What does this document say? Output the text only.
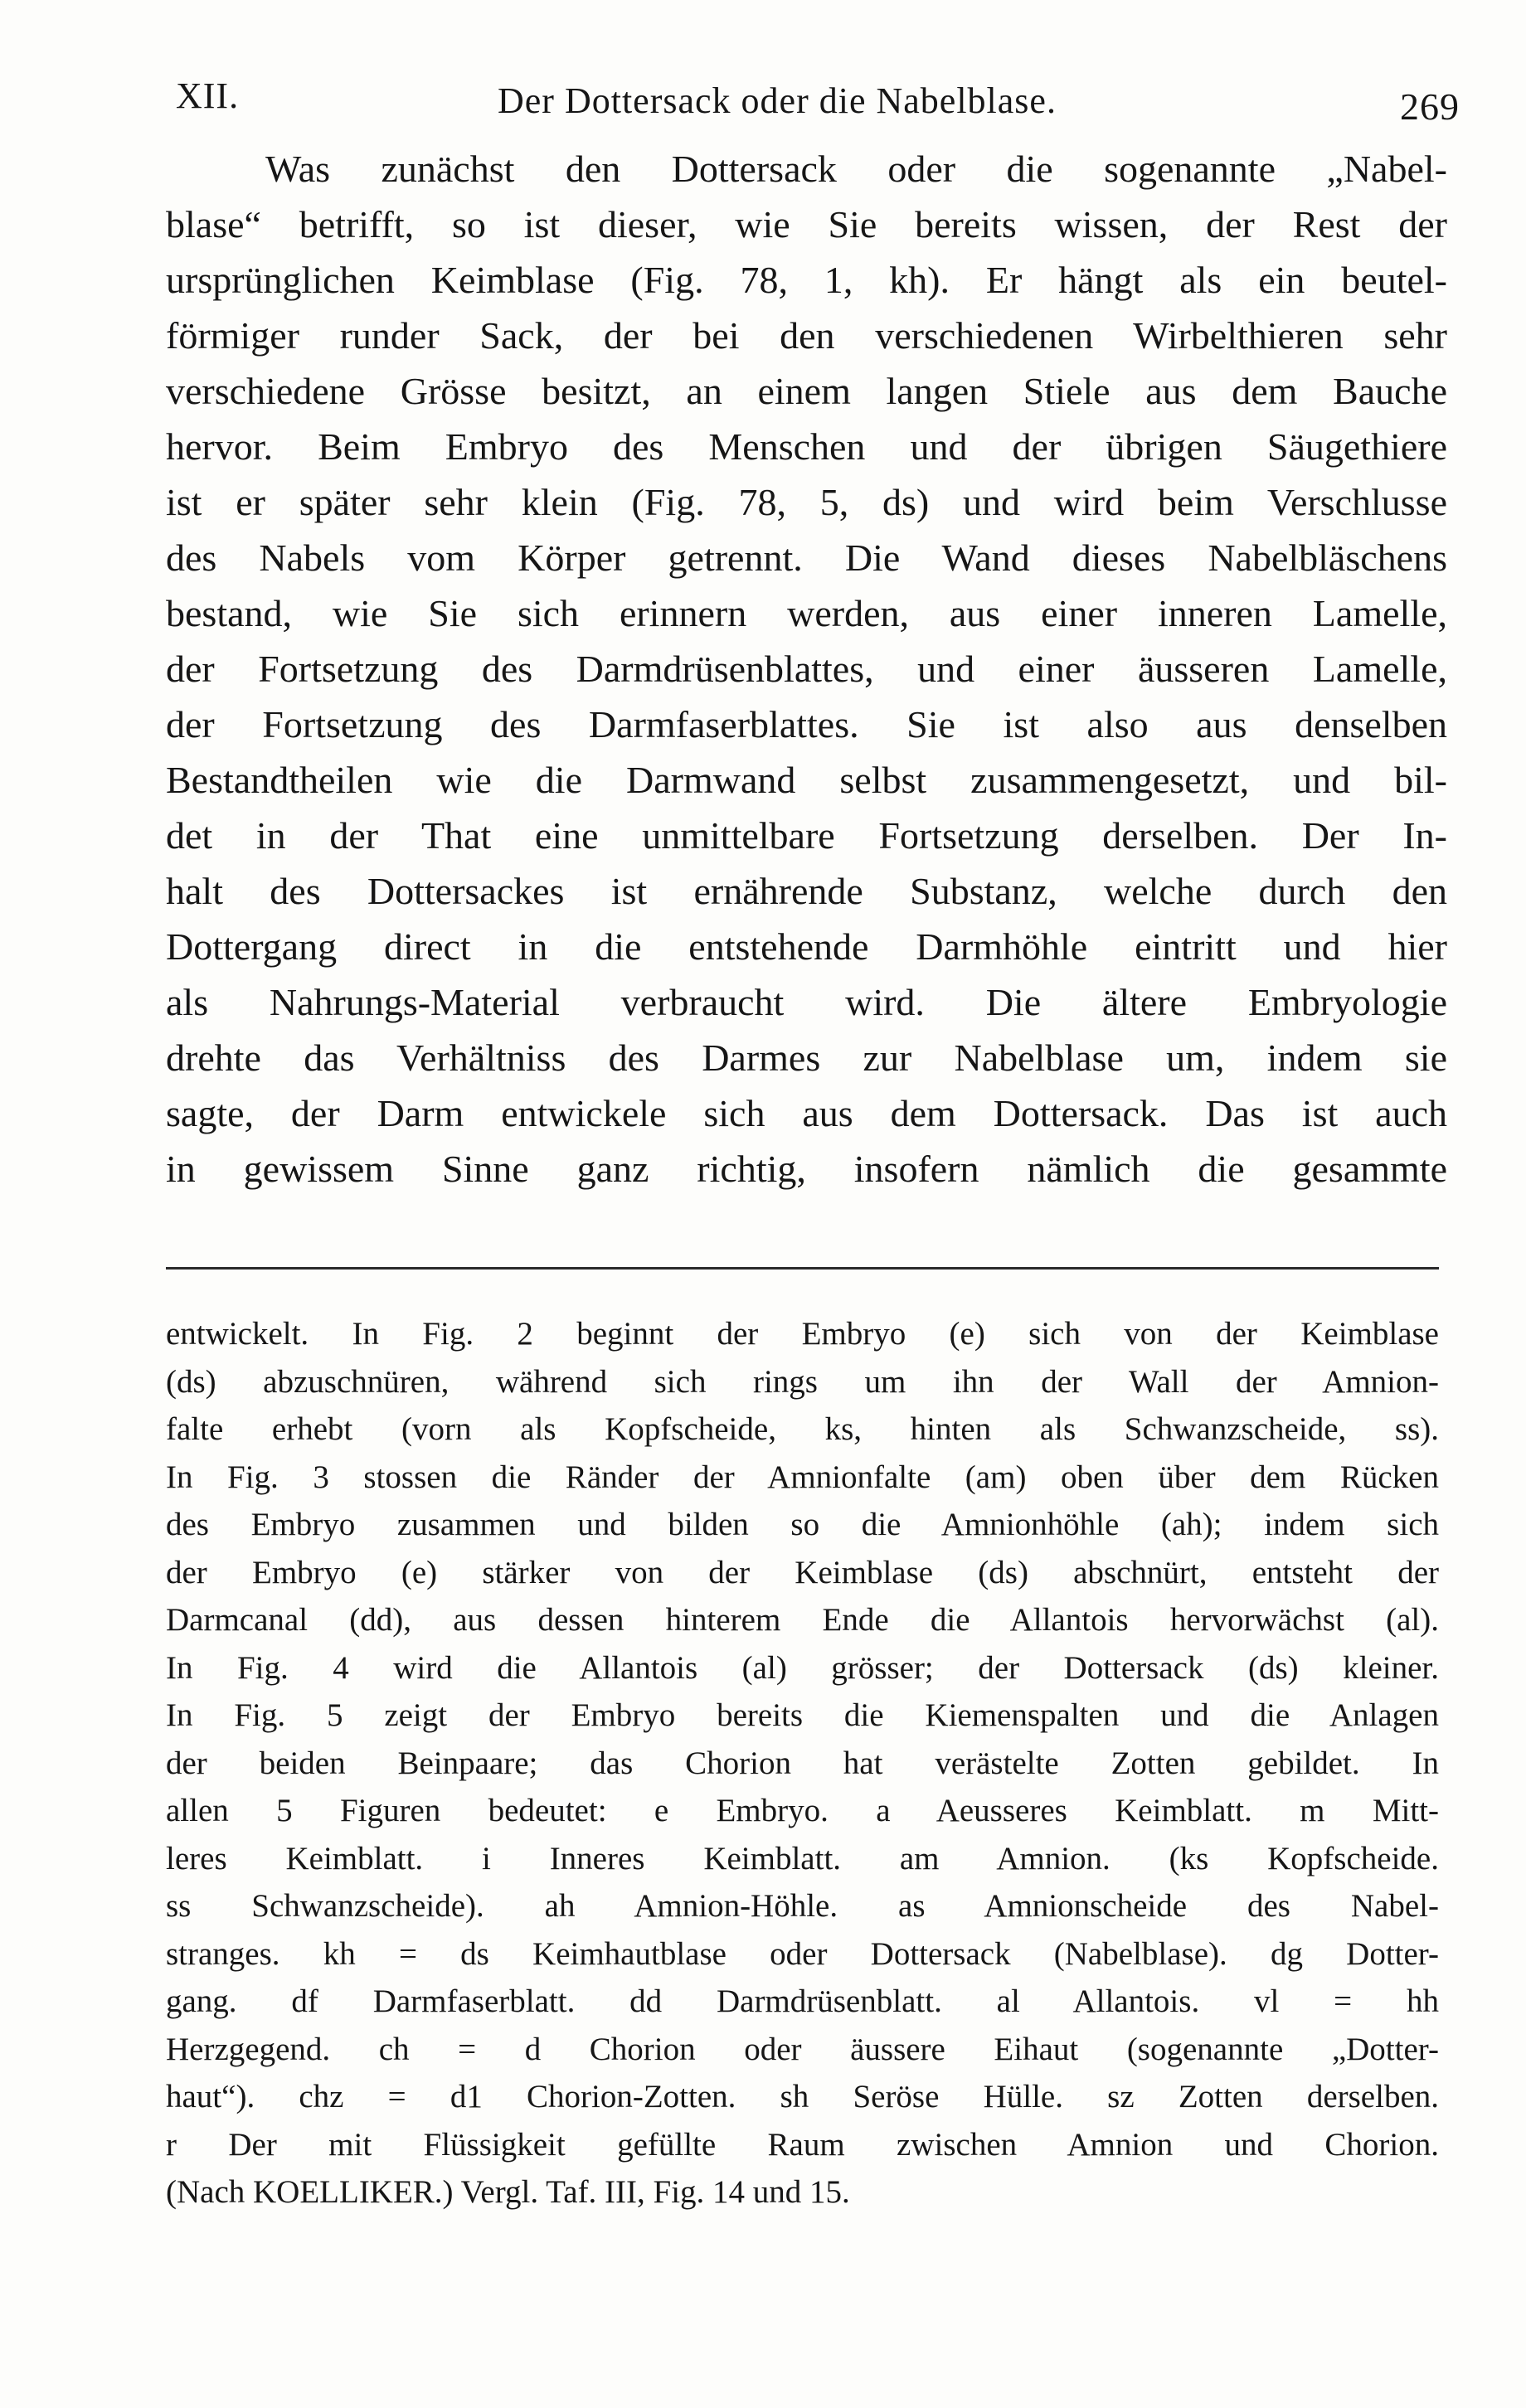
XII.	Der Dottersack oder die Nabelblase.	269
Was zunächst den Dottersack oder die sogenannte „Nabel-
blase“ betrifft, so ist dieser, wie Sie bereits wissen, der Rest der
ursprünglichen Keimblase (Fig. 78, 1, kh). Er hängt als ein beutel-
förmiger runder Sack, der bei den verschiedenen Wirbelthieren sehr
verschiedene Grösse besitzt, an einem langen Stiele aus dem Bauche
hervor. Beim Embryo des Menschen und der übrigen Säugethiere
ist er später sehr klein (Fig. 78, 5, ds) und wird beim Verschlusse
des Nabels vom Körper getrennt. Die Wand dieses Nabelbläschens
bestand, wie Sie sich erinnern werden, aus einer inneren Lamelle,
der Fortsetzung des Darmdrüsenblattes, und einer äusseren Lamelle,
der Fortsetzung des Darmfaserblattes. Sie ist also aus denselben
Bestandtheilen wie die Darmwand selbst zusammengesetzt, und bil-
det in der That eine unmittelbare Fortsetzung derselben. Der In-
halt des Dottersackes ist ernährende Substanz, welche durch den
Dottergang direct in die entstehende Darmhöhle eintritt und hier
als Nahrungs-Material verbraucht wird. Die ältere Embryologie
drehte das Verhältniss des Darmes zur Nabelblase um, indem sie
sagte, der Darm entwickele sich aus dem Dottersack. Das ist auch
in gewissem Sinne ganz richtig, insofern nämlich die gesammte
entwickelt. In Fig. 2 beginnt der Embryo (e) sich von der Keimblase
(ds) abzuschnüren, während sich rings um ihn der Wall der Amnion-
falte erhebt (vorn als Kopfscheide, ks, hinten als Schwanzscheide, ss).
In Fig. 3 stossen die Ränder der Amnionfalte (am) oben über dem Rücken
des Embryo zusammen und bilden so die Amnionhöhle (ah); indem sich
der Embryo (e) stärker von der Keimblase (ds) abschnürt, entsteht der
Darmcanal (dd), aus dessen hinterem Ende die Allantois hervorwächst (al).
In Fig. 4 wird die Allantois (al) grösser; der Dottersack (ds) kleiner.
In Fig. 5 zeigt der Embryo bereits die Kiemenspalten und die Anlagen
der beiden Beinpaare; das Chorion hat verästelte Zotten gebildet. In
allen 5 Figuren bedeutet: e Embryo. a Aeusseres Keimblatt. m Mitt-
leres Keimblatt. i Inneres Keimblatt. am Amnion. (ks Kopfscheide.
ss Schwanzscheide). ah Amnion-Höhle. as Amnionscheide des Nabel-
stranges. kh = ds Keimhautblase oder Dottersack (Nabelblase). dg Dotter-
gang. df Darmfaserblatt. dd Darmdrüsenblatt. al Allantois. vl = hh
Herzgegend. ch = d Chorion oder äussere Eihaut (sogenannte „Dotter-
haut“). chz = d1 Chorion-Zotten. sh Seröse Hülle. sz Zotten derselben.
r Der mit Flüssigkeit gefüllte Raum zwischen Amnion und Chorion.
(Nach KOELLIKER.) Vergl. Taf. III, Fig. 14 und 15.
